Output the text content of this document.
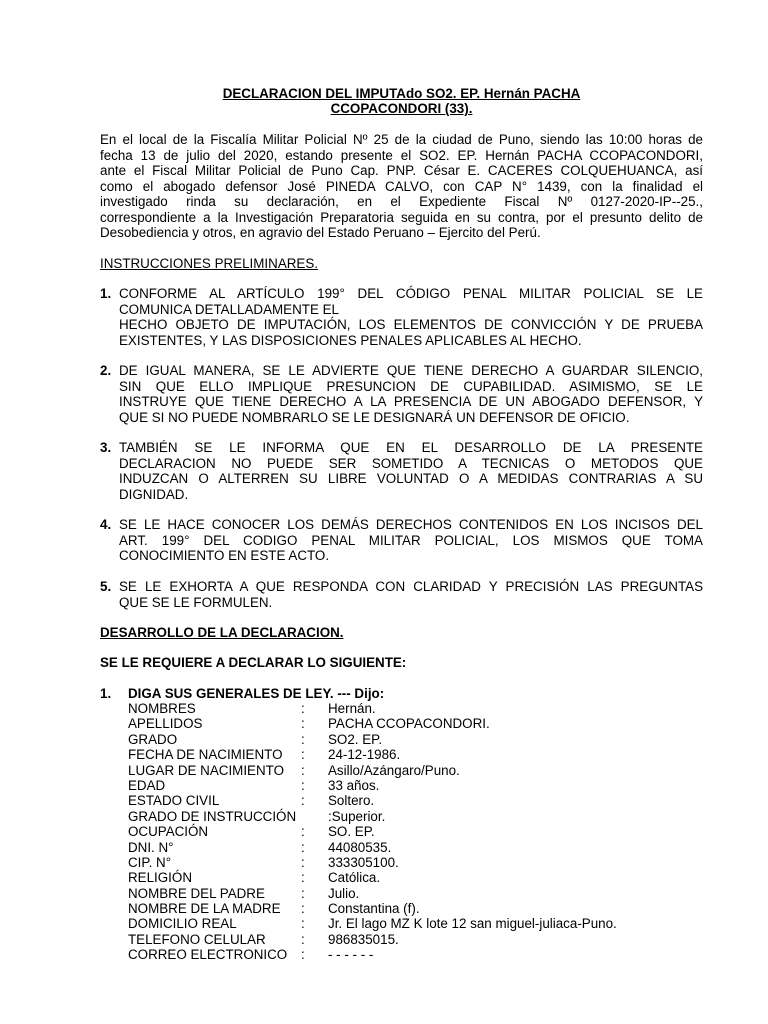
DECLARACION DEL IMPUTAdo SO2. EP. Hernán PACHA
CCOPACONDORI (33).
En el local de la Fiscalía Militar Policial Nº 25 de la ciudad de Puno, siendo las 10:00 horas de
fecha 13 de julio del 2020, estando presente el SO2. EP. Hernán PACHA CCOPACONDORI,
ante el Fiscal Militar Policial de Puno Cap. PNP. César E. CACERES COLQUEHUANCA, así
como el abogado defensor José PINEDA CALVO, con CAP N° 1439, con la finalidad el
investigado rinda su declaración, en el Expediente Fiscal Nº 0127-2020-IP--25.,
correspondiente a la Investigación Preparatoria seguida en su contra, por el presunto delito de
Desobediencia y otros, en agravio del Estado Peruano – Ejercito del Perú.
INSTRUCCIONES PRELIMINARES.
1. CONFORME AL ARTÍCULO 199° DEL CÓDIGO PENAL MILITAR POLICIAL SE LE
COMUNICA DETALLADAMENTE EL
HECHO OBJETO DE IMPUTACIÓN, LOS ELEMENTOS DE CONVICCIÓN Y DE PRUEBA
EXISTENTES, Y LAS DISPOSICIONES PENALES APLICABLES AL HECHO.
2. DE IGUAL MANERA, SE LE ADVIERTE QUE TIENE DERECHO A GUARDAR SILENCIO,
SIN QUE ELLO IMPLIQUE PRESUNCION DE CUPABILIDAD. ASIMISMO, SE LE
INSTRUYE QUE TIENE DERECHO A LA PRESENCIA DE UN ABOGADO DEFENSOR, Y
QUE SI NO PUEDE NOMBRARLO SE LE DESIGNARÁ UN DEFENSOR DE OFICIO.
3. TAMBIÉN SE LE INFORMA QUE EN EL DESARROLLO DE LA PRESENTE
DECLARACION NO PUEDE SER SOMETIDO A TECNICAS O METODOS QUE
INDUZCAN O ALTERREN SU LIBRE VOLUNTAD O A MEDIDAS CONTRARIAS A SU
DIGNIDAD.
4. SE LE HACE CONOCER LOS DEMÁS DERECHOS CONTENIDOS EN LOS INCISOS DEL
ART. 199° DEL CODIGO PENAL MILITAR POLICIAL, LOS MISMOS QUE TOMA
CONOCIMIENTO EN ESTE ACTO.
5. SE LE EXHORTA A QUE RESPONDA CON CLARIDAD Y PRECISIÓN LAS PREGUNTAS
QUE SE LE FORMULEN.
DESARROLLO DE LA DECLARACION.
SE LE REQUIERE A DECLARAR LO SIGUIENTE:
1. DIGA SUS GENERALES DE LEY. --- Dijo:
NOMBRES	: Hernán.
APELLIDOS	: PACHA CCOPACONDORI.
GRADO	: SO2. EP.
FECHA DE NACIMIENTO : 24-12-1986.
LUGAR DE NACIMIENTO : Asillo/Azángaro/Puno.
EDAD	: 33 años.
ESTADO CIVIL	: Soltero.
GRADO DE INSTRUCCIÓN :Superior.
OCUPACIÓN	: SO. EP.
DNI. N°	: 44080535.
CIP. N°	: 333305100.
RELIGIÓN	: Católica.
NOMBRE DEL PADRE	: Julio.
NOMBRE DE LA MADRE : Constantina (f).
DOMICILIO REAL	: Jr. El lago MZ K lote 12 san miguel-juliaca-Puno.
TELEFONO CELULAR	: 986835015.
CORREO ELECTRONICO : - - - - - -
